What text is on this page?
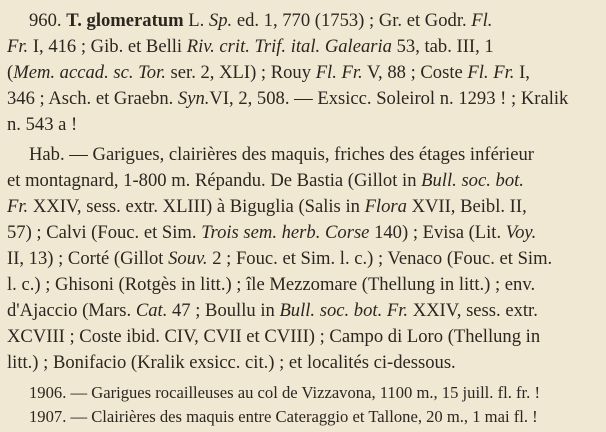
960. T. glomeratum L. Sp. ed. 1, 770 (1753) ; Gr. et Godr. Fl.
Fr. I, 416 ; Gib. et Belli Riv. crit. Trif. ital. Galearia 53, tab. III, 1
(Mem. accad. sc. Tor. ser. 2, XLI) ; Rouy Fl. Fr. V, 88 ; Coste Fl. Fr. I,
346 ; Asch. et Graebn. Syn.VI, 2, 508. — Exsicc. Soleirol n. 1293 ! ; Kralik
n. 543 a !
Hab. — Garigues, clairières des maquis, friches des étages inférieur
et montagnard, 1-800 m. Répandu. De Bastia (Gillot in Bull. soc. bot.
Fr. XXIV, sess. extr. XLIII) à Biguglia (Salis in Flora XVII, Beibl. II,
57) ; Calvi (Fouc. et Sim. Trois sem. herb. Corse 140) ; Evisa (Lit. Voy.
II, 13) ; Corté (Gillot Souv. 2 ; Fouc. et Sim. l. c.) ; Venaco (Fouc. et Sim.
l. c.) ; Ghisoni (Rotgès in litt.) ; île Mezzomare (Thellung in litt.) ; env.
d'Ajaccio (Mars. Cat. 47 ; Boullu in Bull. soc. bot. Fr. XXIV, sess. extr.
XCVIII ; Coste ibid. CIV, CVII et CVIII) ; Campo di Loro (Thellung in
litt.) ; Bonifacio (Kralik exsicc. cit.) ; et localités ci-dessous.
1906. — Garigues rocailleuses au col de Vizzavona, 1100 m., 15 juill. fl. fr. !
1907. — Clairières des maquis entre Cateraggio et Tallone, 20 m., 1 mai fl. !
